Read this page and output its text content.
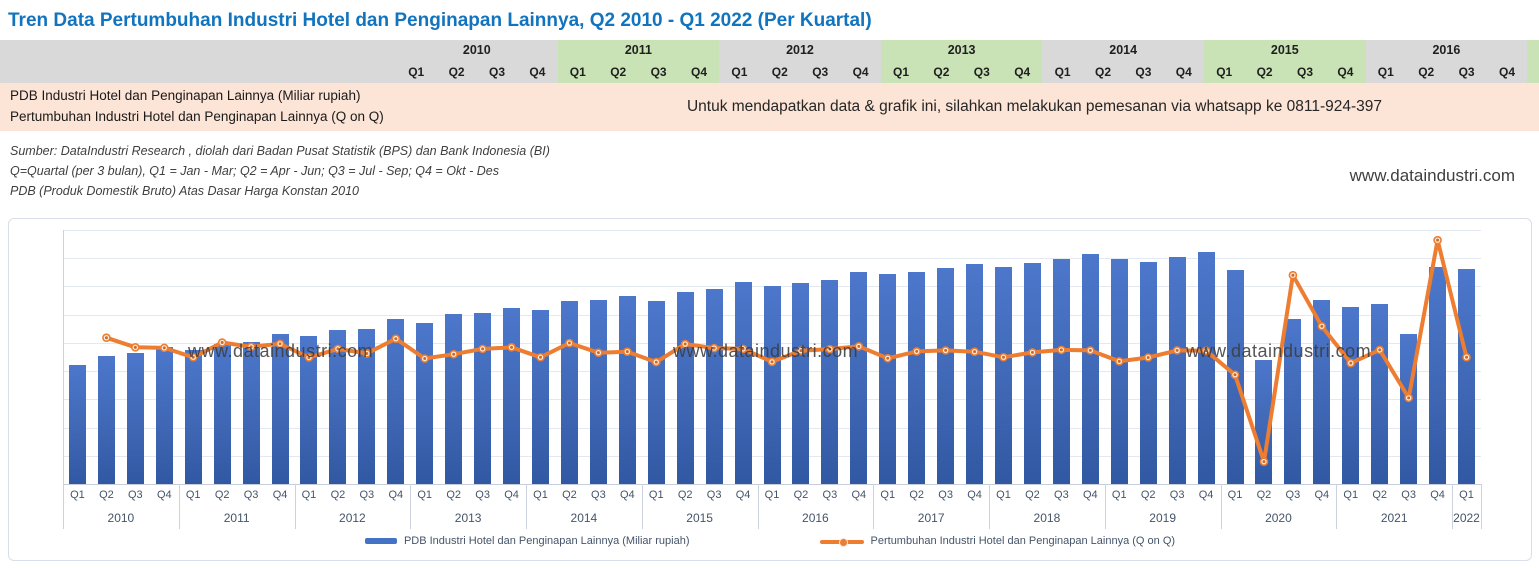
Tren Data Pertumbuhan Industri Hotel dan Penginapan Lainnya, Q2 2010 - Q1 2022 (Per Kuartal)
2010	2011	2012	2013	2014	2015	2016
Q1	Q2	Q3	Q4	Q1	Q2	Q3	Q4	Q1	Q2	Q3	Q4	Q1	Q2	Q3	Q4	Q1	Q2	Q3	Q4	Q1	Q2	Q3	Q4	Q1	Q2	Q3	Q4
PDB Industri Hotel dan Penginapan Lainnya (Miliar rupiah)
Pertumbuhan Industri Hotel dan Penginapan Lainnya (Q on Q)
Untuk mendapatkan data & grafik ini, silahkan melakukan pemesanan via whatsapp ke 0811-924-397
Sumber: DataIndustri Research , diolah dari Badan Pusat Statistik (BPS) dan Bank Indonesia (BI)
Q=Quartal (per 3 bulan), Q1 = Jan - Mar; Q2 = Apr - Jun; Q3 = Jul - Sep; Q4 = Okt - Des
PDB (Produk Domestik Bruto) Atas Dasar Harga Konstan 2010
www.dataindustri.com
Q1	Q2	Q3	Q4
2010
Q1	Q2	Q3	Q4
2011
Q1	Q2	Q3	Q4
2012
Q1	Q2	Q3	Q4
2013
Q1	Q2	Q3	Q4
2014
Q1	Q2	Q3	Q4
2015
Q1	Q2	Q3	Q4
2016
Q1	Q2	Q3	Q4
2017
Q1	Q2	Q3	Q4
2018
Q1	Q2	Q3	Q4
2019
Q1	Q2	Q3	Q4
2020
Q1	Q2	Q3	Q4
2021
Q1
2022
www.dataindustri.com	www.dataindustri.com	www.dataindustri.com
PDB Industri Hotel dan Penginapan Lainnya (Miliar rupiah)	Pertumbuhan Industri Hotel dan Penginapan Lainnya (Q on Q)
